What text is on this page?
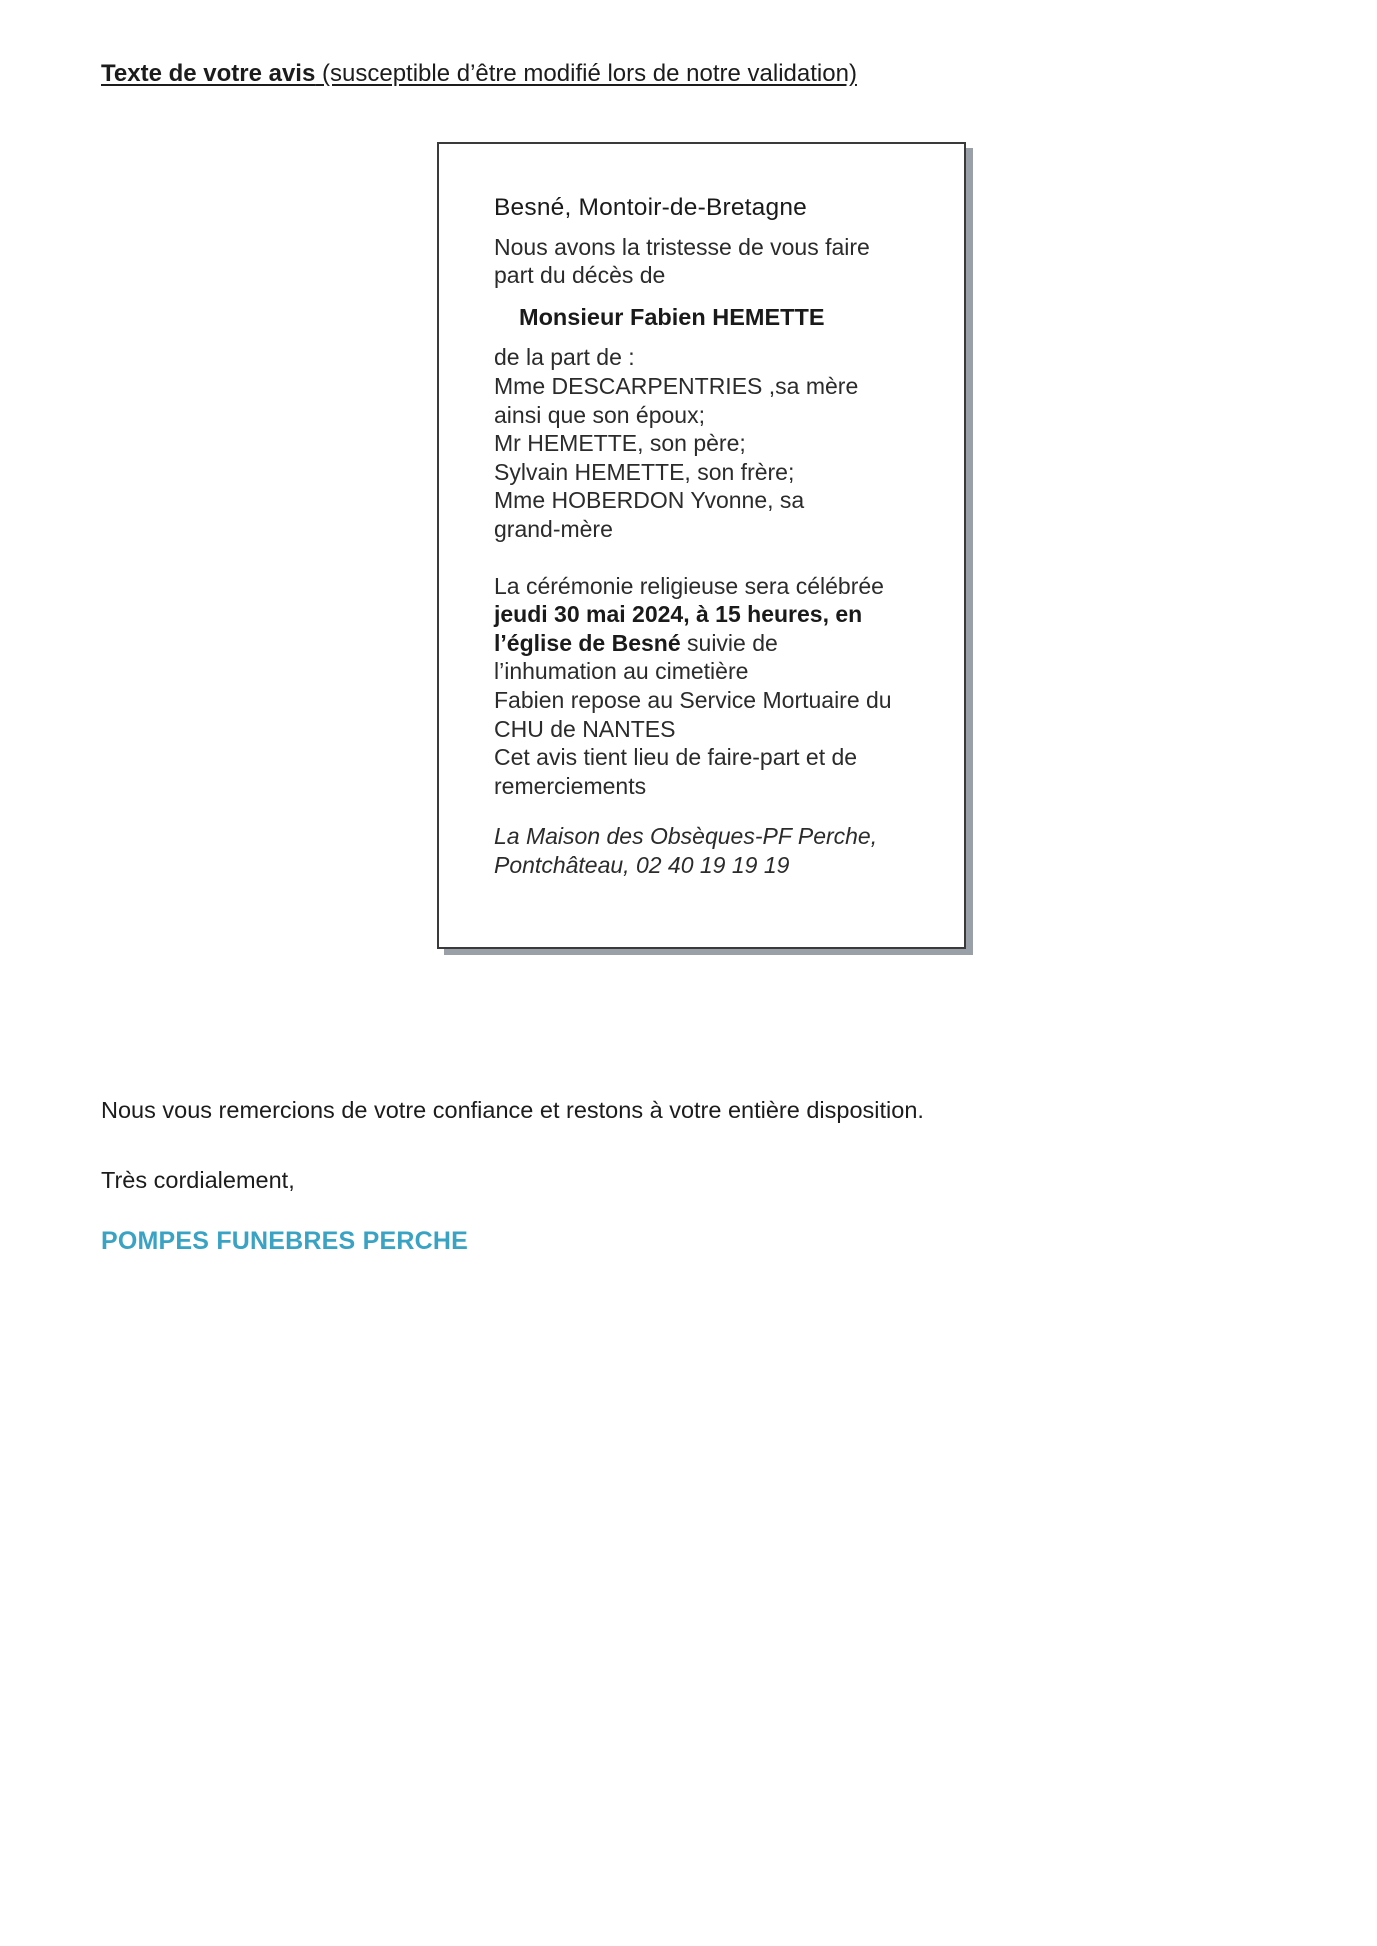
Texte de votre avis (susceptible d’être modifié lors de notre validation)

Besné, Montoir-de-Bretagne

Nous avons la tristesse de vous faire

part du décès de

Monsieur Fabien HEMETTE

de la part de :

Mme DESCARPENTRIES ,sa mère

ainsi que son époux;

Mr HEMETTE, son père;

Sylvain HEMETTE, son frère;

Mme HOBERDON Yvonne, sa

grand-mère

La cérémonie religieuse sera célébrée

jeudi 30 mai 2024, à 15 heures, en

l’église de Besné suivie de

l’inhumation au cimetière

Fabien repose au Service Mortuaire du

CHU de NANTES

Cet avis tient lieu de faire-part et de

remerciements

La Maison des Obsèques-PF Perche,

Pontchâteau, 02 40 19 19 19

Nous vous remercions de votre confiance et restons à votre entière disposition.
Très cordialement,
POMPES FUNEBRES PERCHE
